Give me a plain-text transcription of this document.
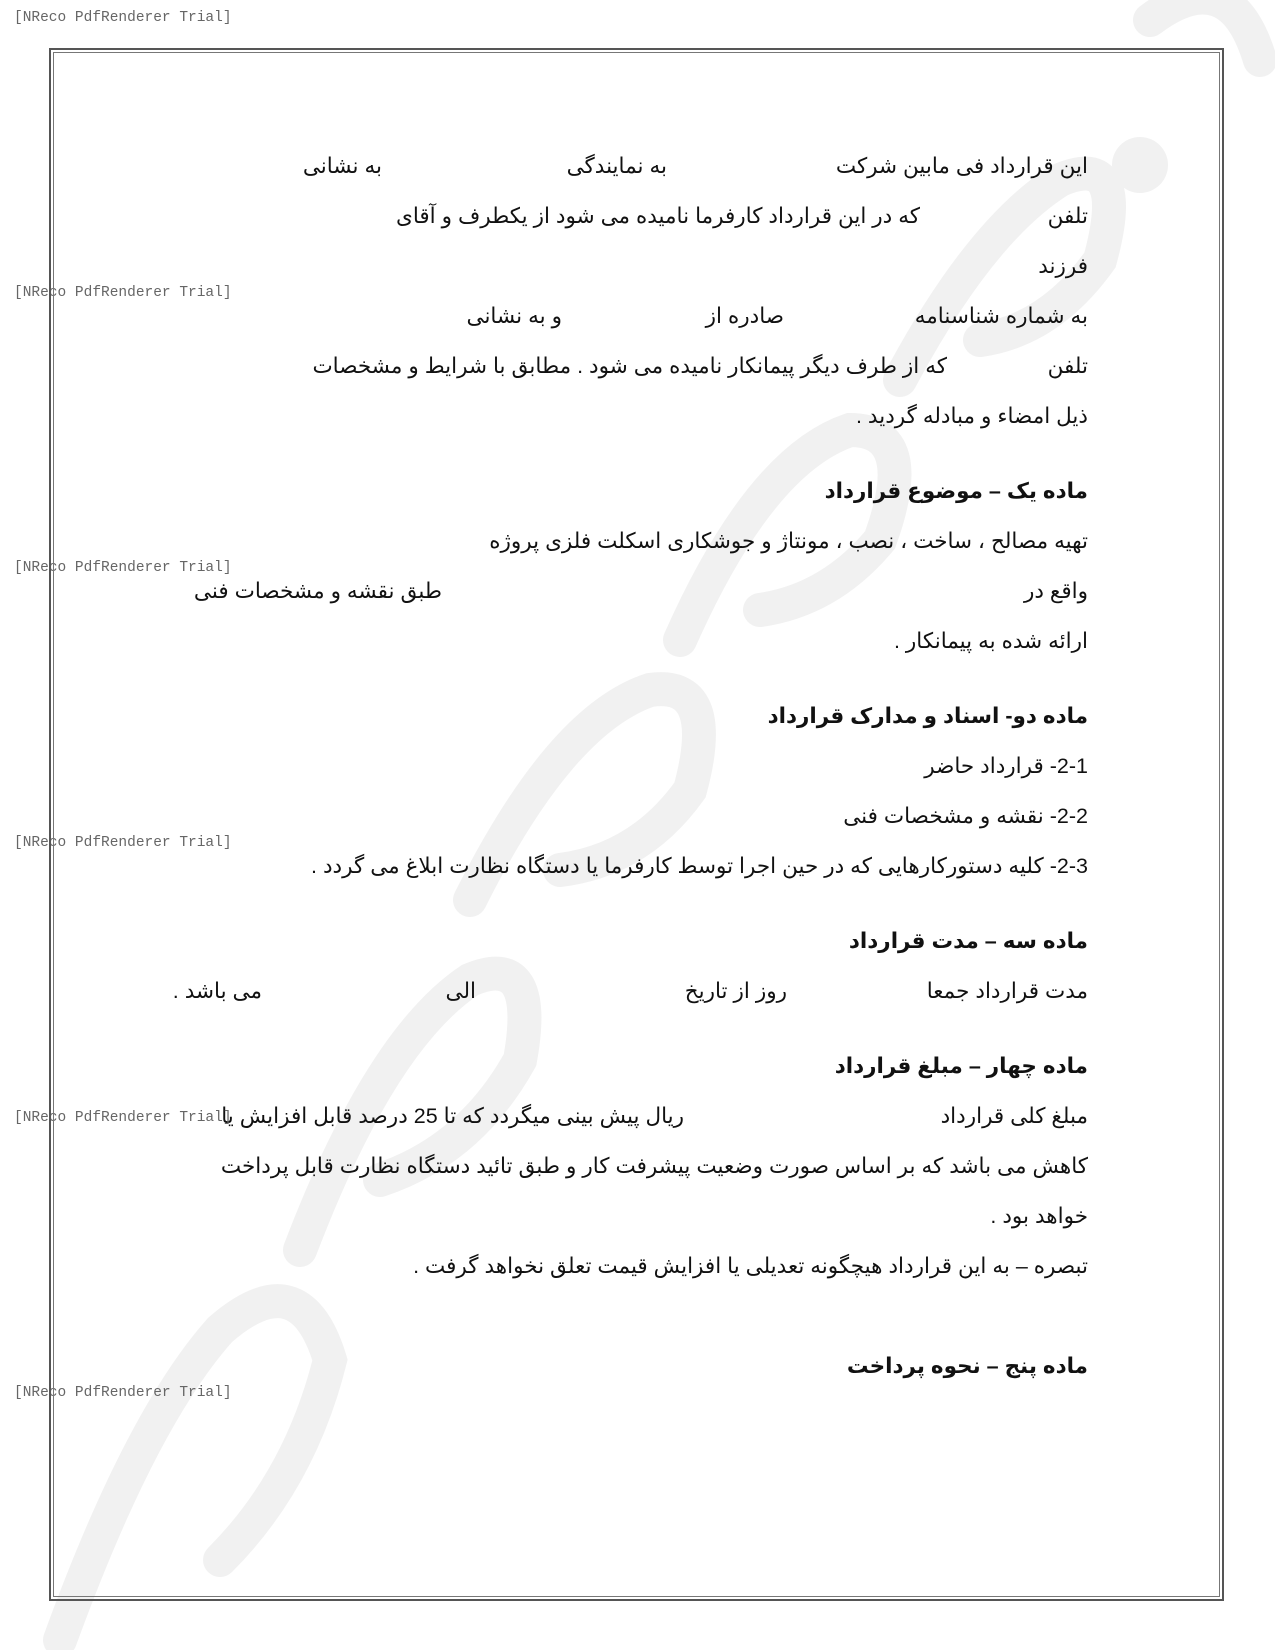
[NReco PdfRenderer Trial]
[NReco PdfRenderer Trial]
[NReco PdfRenderer Trial]
[NReco PdfRenderer Trial]
[NReco PdfRenderer Trial]
[NReco PdfRenderer Trial]
این قرارداد فی مابین شرکت
به نمایندگی
به نشانی
تلفن
که در این قرارداد کارفرما نامیده می شود از یکطرف و آقای
فرزند
به شماره شناسنامه
صادره از
و به نشانی
تلفن
که از طرف دیگر پیمانکار نامیده می شود . مطابق با شرایط و مشخصات
ذیل امضاء و مبادله گردید .
ماده یک – موضوع قرارداد
تهیه مصالح ، ساخت ، نصب ، مونتاژ و جوشکاری اسکلت فلزی پروژه
واقع در
طبق نقشه و مشخصات فنی
ارائه شده به پیمانکار .
ماده دو- اسناد و مدارک قرارداد
2-1- قرارداد حاضر
2-2- نقشه و مشخصات فنی
2-3- کلیه دستورکارهایی که در حین اجرا توسط کارفرما یا دستگاه نظارت ابلاغ می گردد .
ماده سه – مدت قرارداد
مدت قرارداد جمعا
روز از تاریخ
الی
می باشد .
ماده چهار – مبلغ قرارداد
مبلغ کلی قرارداد
ریال پیش بینی میگردد که تا 25 درصد قابل افزایش یا
کاهش می باشد که بر اساس صورت وضعیت پیشرفت کار و طبق تائید دستگاه نظارت قابل پرداخت
خواهد بود .
تبصره – به این قرارداد هیچگونه تعدیلی یا افزایش قیمت تعلق نخواهد گرفت .
ماده پنج – نحوه پرداخت
